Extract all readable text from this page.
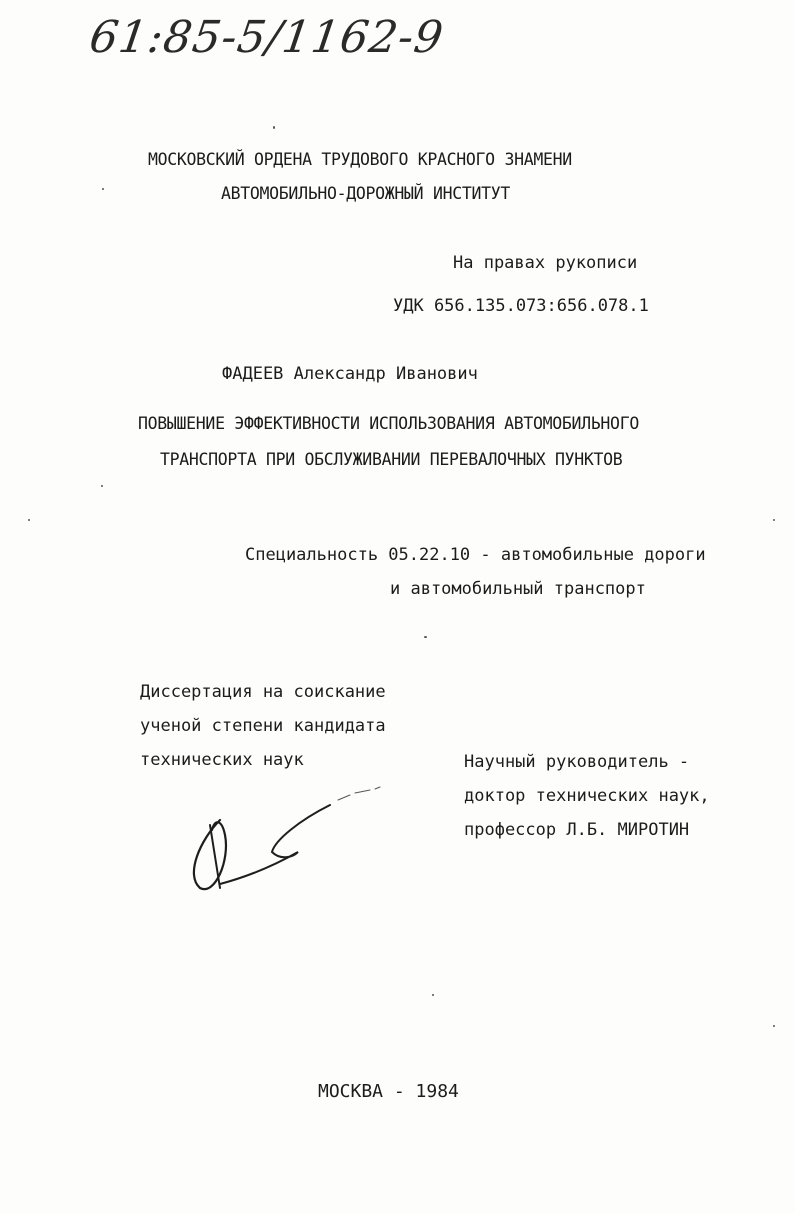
61:85-5/1162-9
МОСКОВСКИЙ ОРДЕНА ТРУДОВОГО КРАСНОГО ЗНАМЕНИ
АВТОМОБИЛЬНО-ДОРОЖНЫЙ ИНСТИТУТ
На правах рукописи
УДК 656.135.073:656.078.1
ФАДЕЕВ Александр Иванович
ПОВЫШЕНИЕ ЭФФЕКТИВНОСТИ ИСПОЛЬЗОВАНИЯ АВТОМОБИЛЬНОГО
ТРАНСПОРТА ПРИ ОБСЛУЖИВАНИИ ПЕРЕВАЛОЧНЫХ ПУНКТОВ
Специальность 05.22.10 - автомобильные дороги
и автомобильный транспорт
Диссертация на соискание
ученой степени кандидата
технических наук	Научный руководитель -
доктор технических наук,
профессор Л.Б. МИРОТИН
МОСКВА - 1984
